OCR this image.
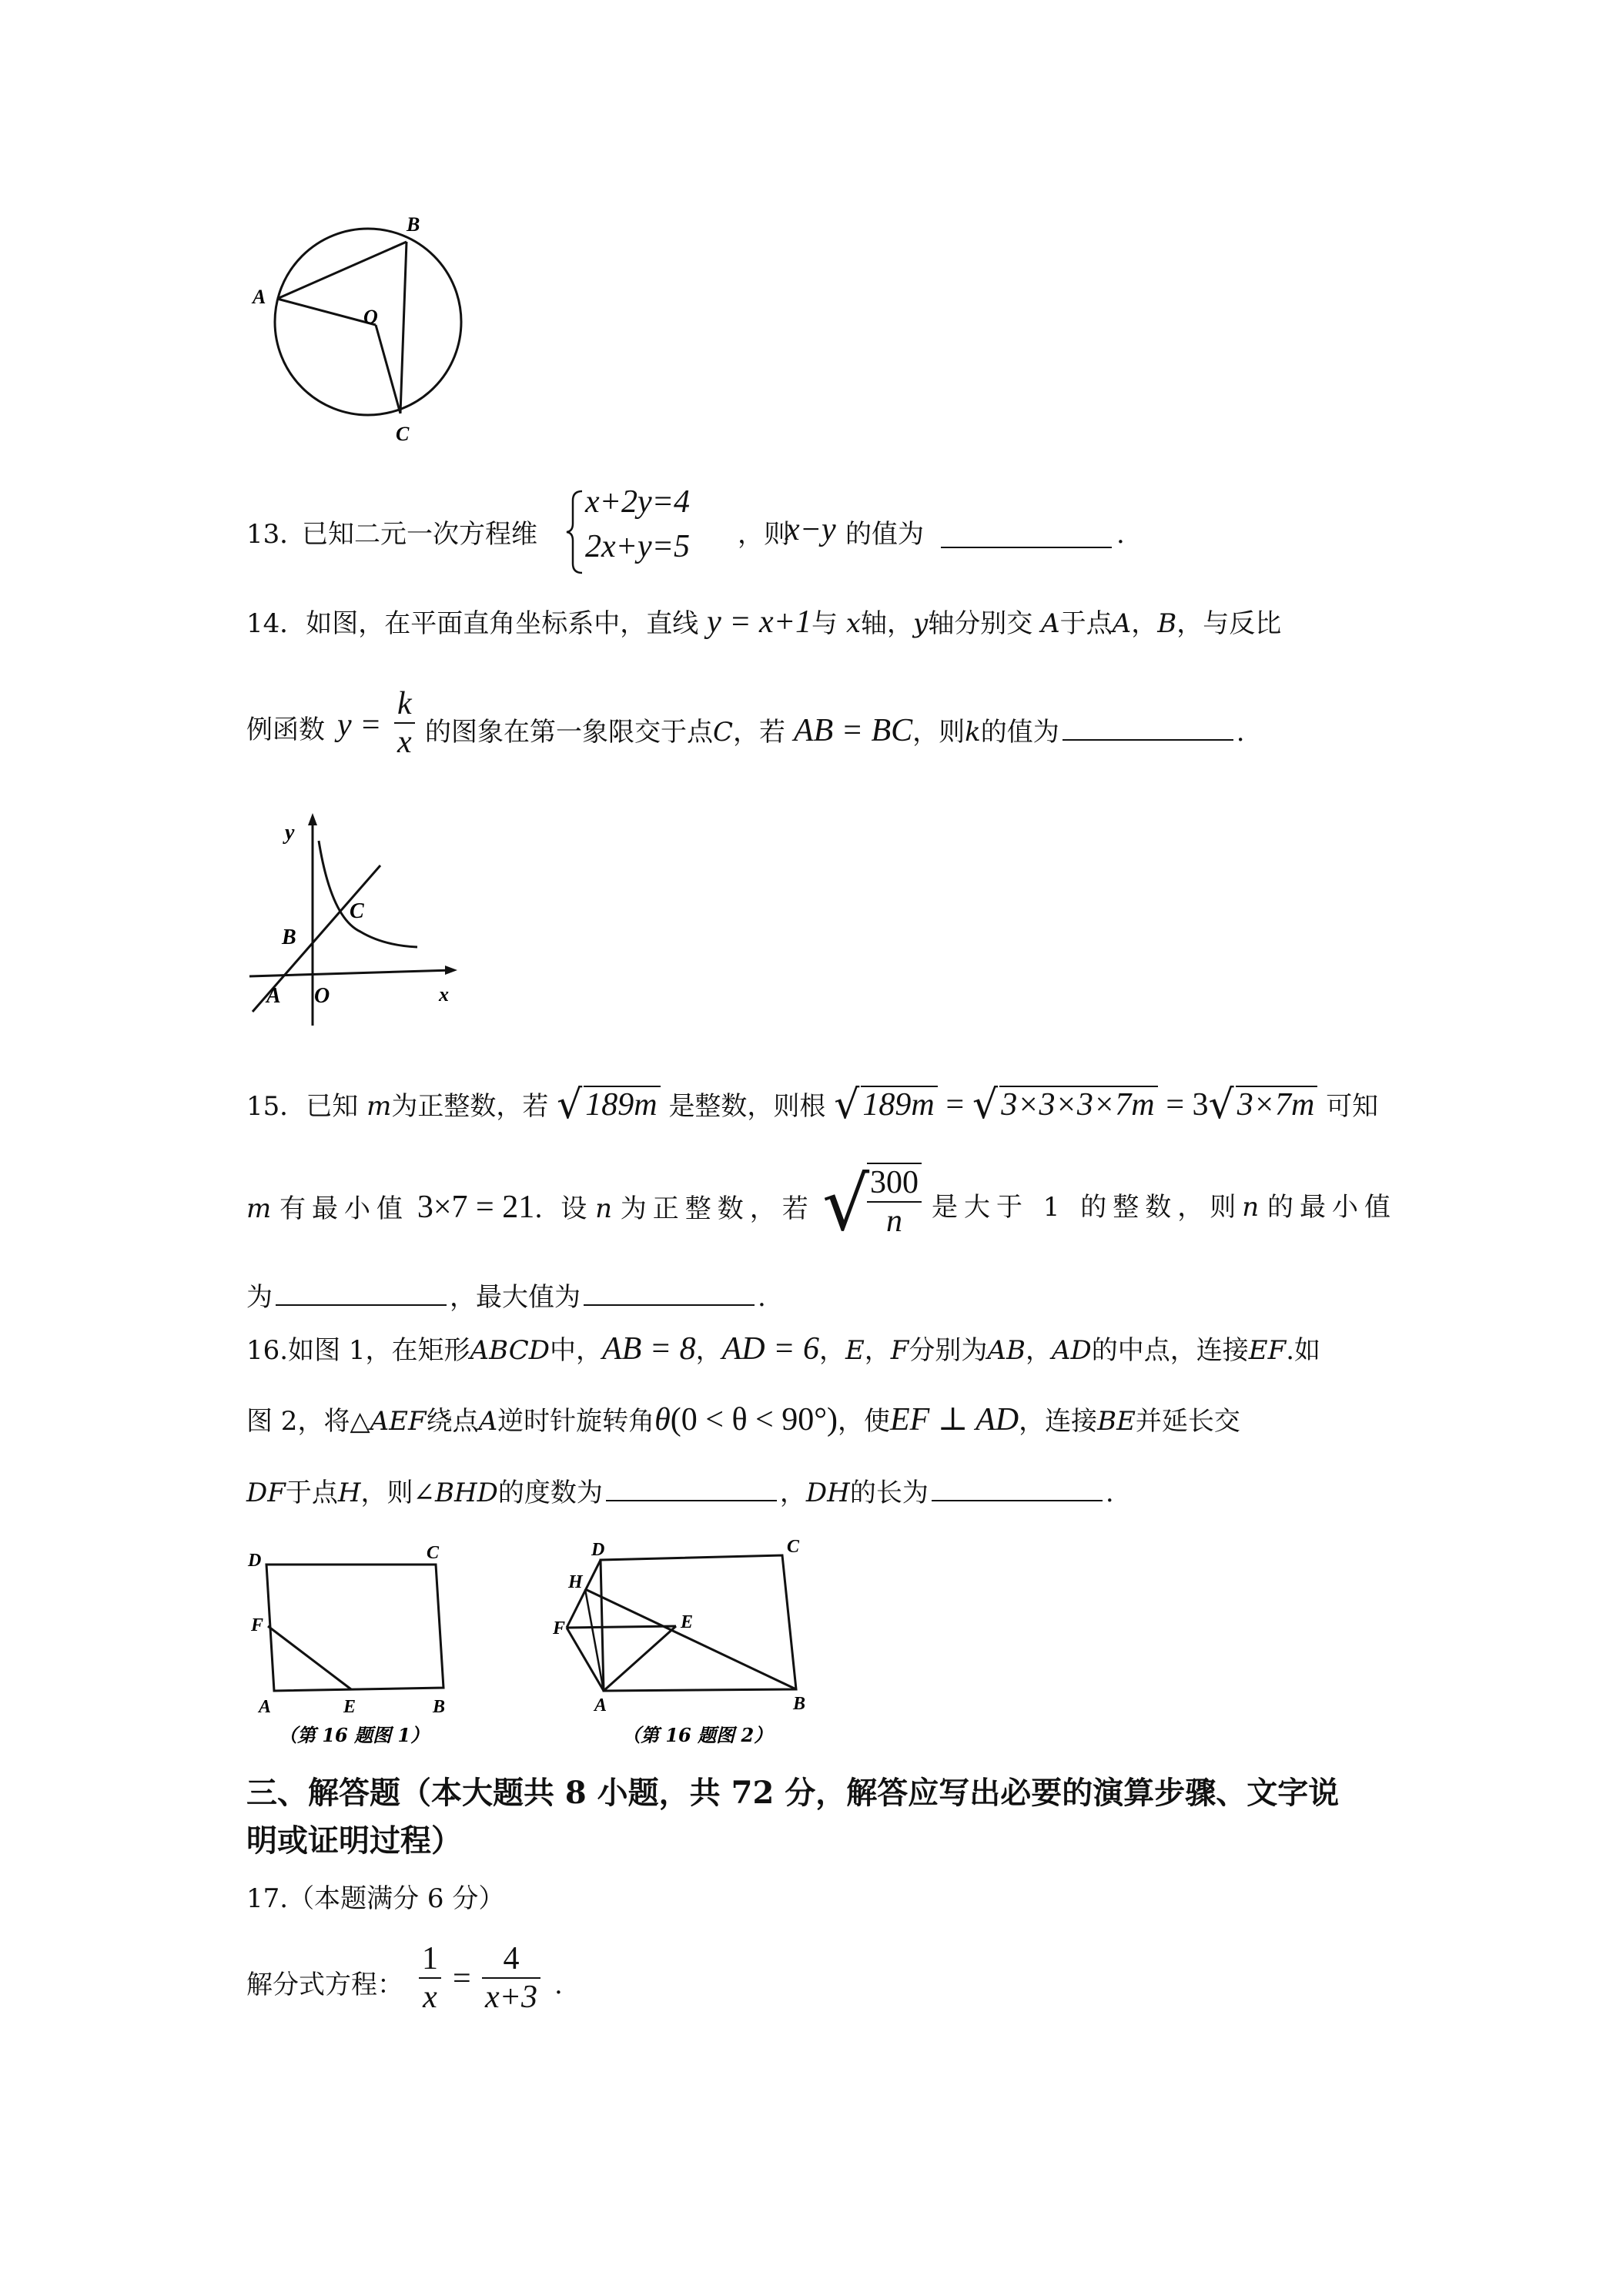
A
B
O
C
13．
已知二元一次方程维
x+2y=4
2x+y=5 ，则
x−y 的值为	.
14．如图，在平面直角坐标系中，直线 y = x+1与 x轴，y轴分别交 A于点A，B，与反比
例函数 $y = \frac{k}{x}$ 的图象在第一象限交于点C，若 AB = BC，则k的值为	.
y
x
B
C
A O
15．已知 m为正整数，若 √189m 是整数，则根 √189m = √3×3×3×7m = 3√3×7m 可知
m 有最小值 3×7 = 21．设 n 为正整数，若 √
$\frac{300}{n}$ 是大于 1 的整数，则n 的最小值
为	，最大值为	.
16.如图 1，在矩形ABCD中，AB = 8，AD = 6，E，F分别为AB，AD的中点，连接EF.如
图 2，将△AEF绕点A逆时针旋转角θ(0 < θ < 90°)，使EF ⊥ AD，连接BE并延长交
DF于点H，则∠BHD的度数为	，DH的长为	.
D	C
F
A	E	B
（第 16 题图 1）
D	C
H
F	E
A	B
（第 16 题图 2）
三、解答题（本大题共 8 小题，共 72 分，解答应写出必要的演算步骤、文字说
明或证明过程）
17.（本题满分 6 分）
解分式方程： $\frac{1}{x} = \frac{4}{x+3}$ .
